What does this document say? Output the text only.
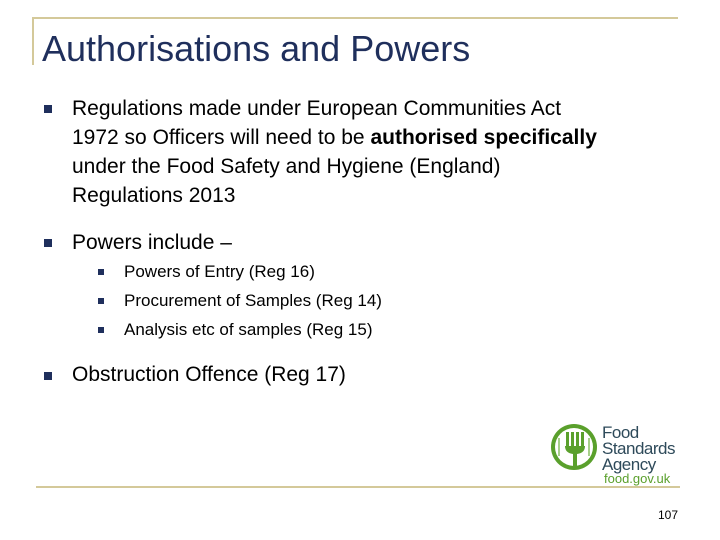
Authorisations and Powers
Regulations made under European Communities Act
1972 so Officers will need to be authorised specifically
under the Food Safety and Hygiene (England)
Regulations 2013
Powers include –
Powers of Entry (Reg 16)
Procurement of Samples (Reg 14)
Analysis etc of samples (Reg 15)
Obstruction Offence (Reg 17)
Food
Standards
Agency
food.gov.uk
107
